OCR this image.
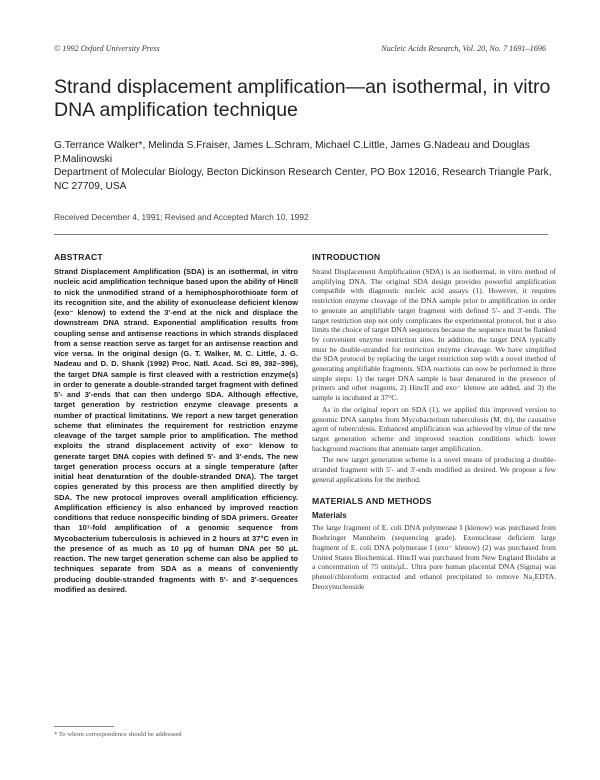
© 1992 Oxford University Press	Nucleic Acids Research, Vol. 20, No. 7 1691–1696
Strand displacement amplification—an isothermal, in vitro DNA amplification technique
G.Terrance Walker*, Melinda S.Fraiser, James L.Schram, Michael C.Little, James G.Nadeau and Douglas P.Malinowski
Department of Molecular Biology, Becton Dickinson Research Center, PO Box 12016, Research Triangle Park, NC 27709, USA
Received December 4, 1991; Revised and Accepted March 10, 1992
ABSTRACT

Strand Displacement Amplification (SDA) is an isothermal, in vitro nucleic acid amplification technique based upon the ability of HincII to nick the unmodified strand of a hemiphosphorothioate form of its recognition site, and the ability of exonuclease deficient klenow (exo⁻ klenow) to extend the 3′-end at the nick and displace the downstream DNA strand. Exponential amplification results from coupling sense and antisense reactions in which strands displaced from a sense reaction serve as target for an antisense reaction and vice versa. In the original design (G. T. Walker, M. C. Little, J. G. Nadeau and D. D. Shank (1992) Proc. Natl. Acad. Sci 89, 392–396), the target DNA sample is first cleaved with a restriction enzyme(s) in order to generate a double-stranded target fragment with defined 5′- and 3′-ends that can then undergo SDA. Although effective, target generation by restriction enzyme cleavage presents a number of practical limitations. We report a new target generation scheme that eliminates the requirement for restriction enzyme cleavage of the target sample prior to amplification. The method exploits the strand displacement activity of exo⁻ klenow to generate target DNA copies with defined 5′- and 3′-ends. The new target generation process occurs at a single temperature (after initial heat denaturation of the double-stranded DNA). The target copies generated by this process are then amplified directly by SDA. The new protocol improves overall amplification efficiency. Amplification efficiency is also enhanced by improved reaction conditions that reduce nonspecific binding of SDA primers. Greater than 10⁷-fold amplification of a genomic sequence from Mycobacterium tuberculosis is achieved in 2 hours at 37°C even in the presence of as much as 10 μg of human DNA per 50 μL reaction. The new target generation scheme can also be applied to techniques separate from SDA as a means of conveniently producing double-stranded fragments with 5′- and 3′-sequences modified as desired.

INTRODUCTION

Strand Displacement Amplification (SDA) is an isothermal, in vitro method of amplifying DNA. The original SDA design provides powerful amplification compatible with diagnostic nucleic acid assays (1). However, it requires restriction enzyme cleavage of the DNA sample prior to amplification in order to generate an amplifiable target fragment with defined 5′- and 3′-ends. The target restriction step not only complicates the experimental protocol, but it also limits the choice of target DNA sequences because the sequence must be flanked by convenient enzyme restriction sites. In addition, the target DNA typically must be double-stranded for restriction enzyme cleavage. We have simplified the SDA protocol by replacing the target restriction step with a novel method of generating amplifiable fragments. SDA reactions can now be performed in three simple steps: 1) the target DNA sample is heat denatured in the presence of primers and other reagents, 2) HincII and exo⁻ klenow are added, and 3) the sample is incubated at 37°C.

As in the original report on SDA (1), we applied this improved version to genomic DNA samples from Mycobacterium tuberculosis (M. tb), the causative agent of tuberculosis. Enhanced amplification was achieved by virtue of the new target generation scheme and improved reaction conditions which lower background reactions that attenuate target amplification.

The new target generation scheme is a novel means of producing a double-stranded fragment with 5′- and 3′-ends modified as desired. We propose a few general applications for the method.

MATERIALS AND METHODS
Materials

The large fragment of E. coli DNA polymerase I (klenow) was purchased from Boehringer Mannheim (sequencing grade). Exonuclease deficient large fragment of E. coli DNA polymerase I (exo⁻ klenow) (2) was purchased from United States Biochemical. HincII was purchased from New England Biolabs at a concentration of 75 units/μL. Ultra pure human placental DNA (Sigma) was phenol/chloroform extracted and ethanol precipitated to remove Na₂EDTA. Deoxynucleoside

* To whom correspondence should be addressed
